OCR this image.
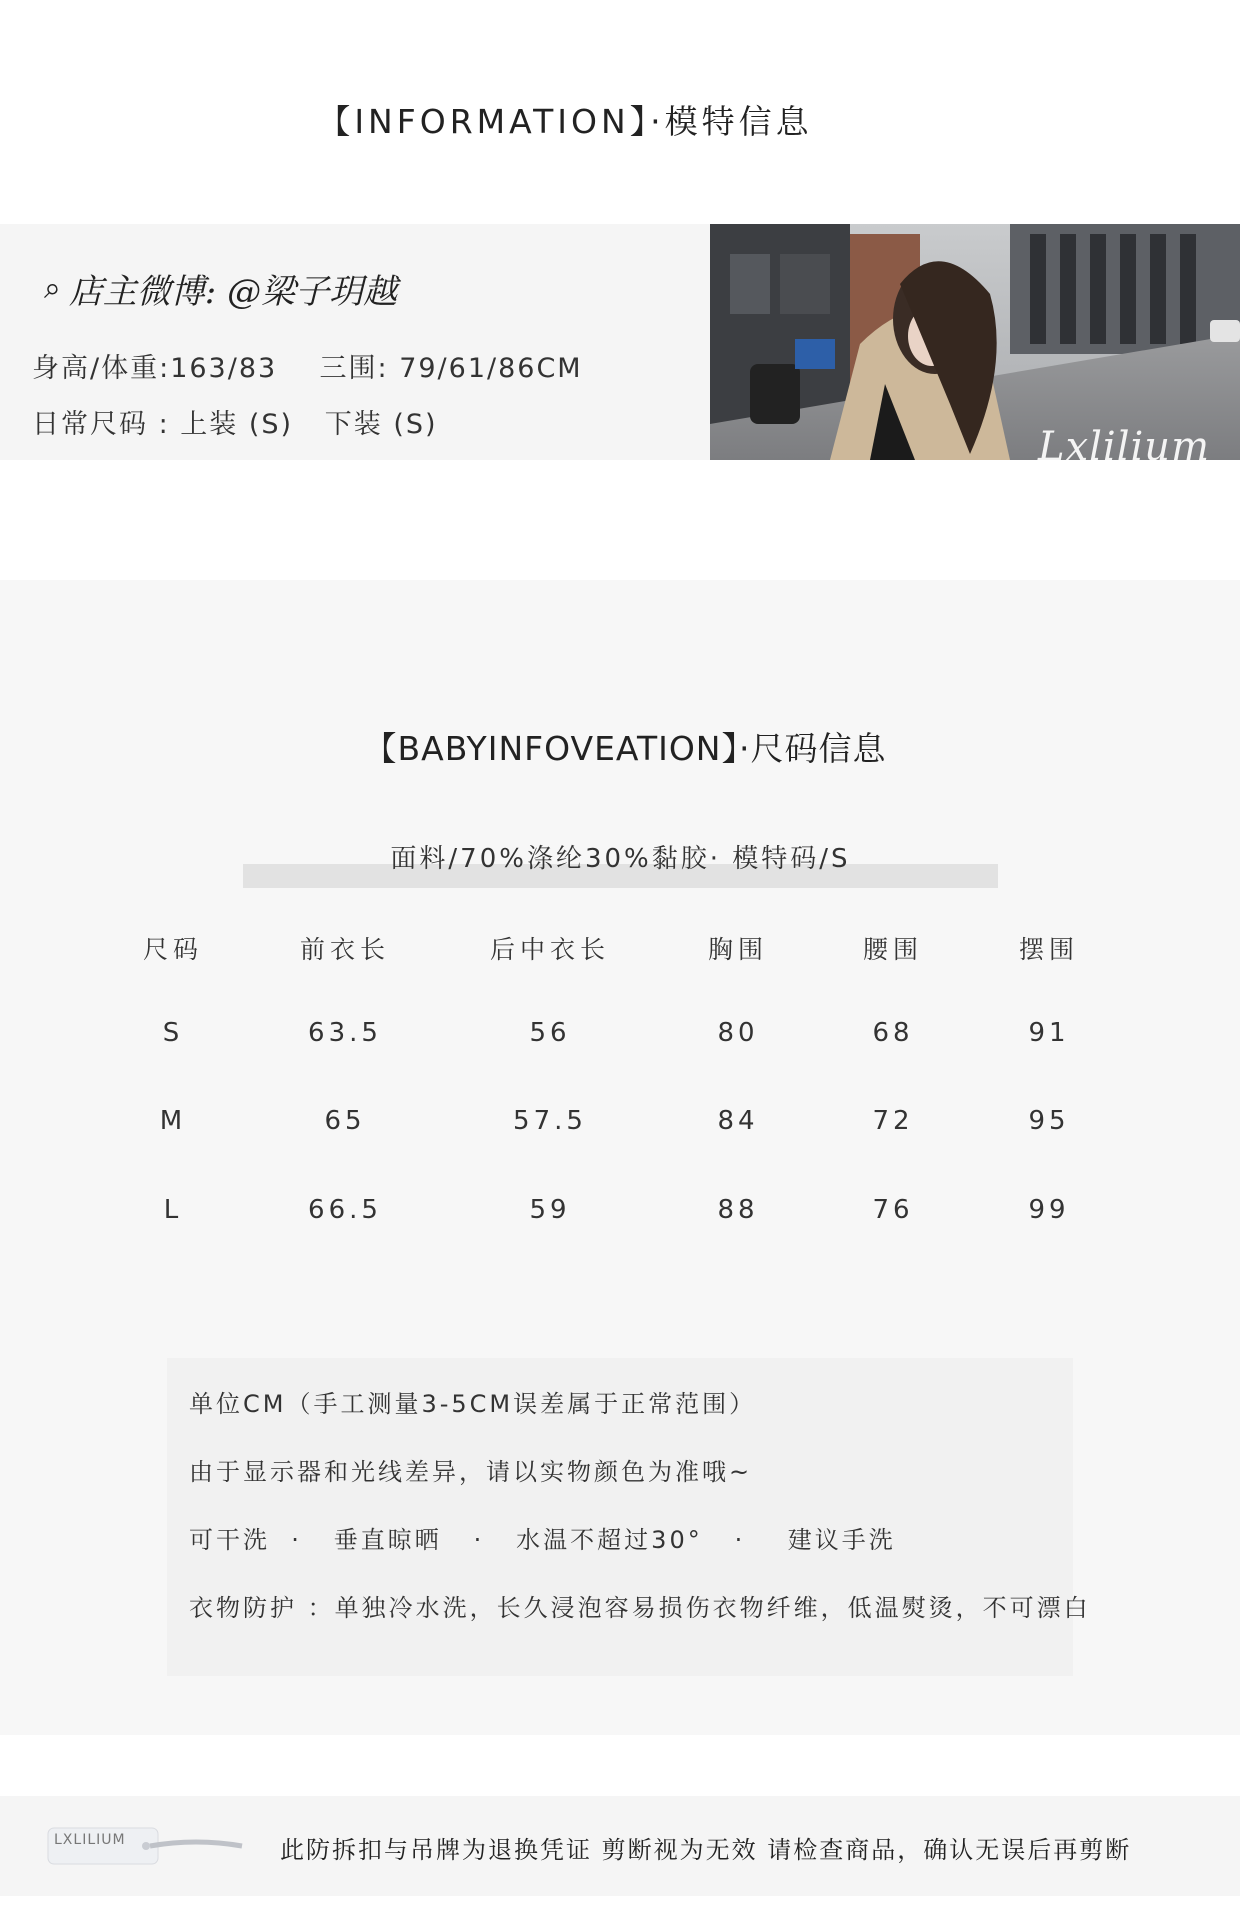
【INFORMATION】·模特信息
⌕ 店主微博: @梁子玥越
身高/体重:163/83    三围: 79/61/86CM
日常尺码 : 上装 (S)   下装 (S)	Lxlilium
【BABYINFOVEATION】·尺码信息
面料/70%涤纶30%黏胶· 模特码/S
尺码	前衣长	后中衣长	胸围	腰围	摆围
S	63.5	56	80	68	91
M	65	57.5	84	72	95
L	66.5	59	88	76	99
单位CM（手工测量3-5CM误差属于正常范围）
由于显示器和光线差异，请以实物颜色为准哦~
可干洗  ·   垂直晾晒   ·   水温不超过30°   ·    建议手洗
衣物防护 ：单独冷水洗，长久浸泡容易损伤衣物纤维，低温熨烫，不可漂白
LXLILIUM	此防拆扣与吊牌为退换凭证 剪断视为无效 请检查商品，确认无误后再剪断
